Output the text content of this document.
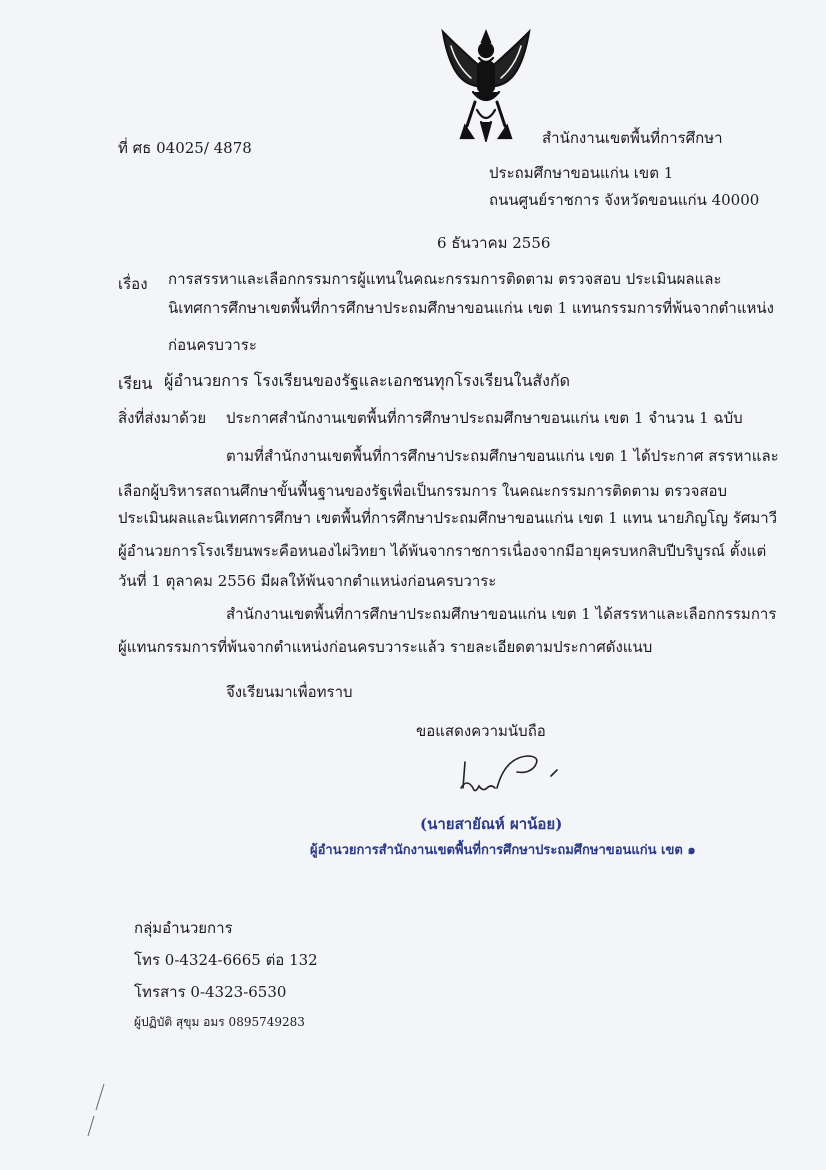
ที่ ศธ 04025/ 4878
สำนักงานเขตพื้นที่การศึกษา
ประถมศึกษาขอนแก่น เขต 1
ถนนศูนย์ราชการ จังหวัดขอนแก่น 40000
6 ธันวาคม 2556
เรื่อง การสรรหาและเลือกกรรมการผู้แทนในคณะกรรมการติดตาม ตรวจสอบ ประเมินผลและ
นิเทศการศึกษาเขตพื้นที่การศึกษาประถมศึกษาขอนแก่น เขต 1 แทนกรรมการที่พ้นจากตำแหน่ง
ก่อนครบวาระ
เรียน ผู้อำนวยการ โรงเรียนของรัฐและเอกชนทุกโรงเรียนในสังกัด
สิ่งที่ส่งมาด้วย ประกาศสำนักงานเขตพื้นที่การศึกษาประถมศึกษาขอนแก่น เขต 1 จำนวน 1 ฉบับ
ตามที่สำนักงานเขตพื้นที่การศึกษาประถมศึกษาขอนแก่น เขต 1 ได้ประกาศ สรรหาและ
เลือกผู้บริหารสถานศึกษาขั้นพื้นฐานของรัฐเพื่อเป็นกรรมการ ในคณะกรรมการติดตาม ตรวจสอบ
ประเมินผลและนิเทศการศึกษา เขตพื้นที่การศึกษาประถมศึกษาขอนแก่น เขต 1 แทน นายภิญโญ รัศมาวี
ผู้อำนวยการโรงเรียนพระคือหนองไผ่วิทยา ได้พ้นจากราชการเนื่องจากมีอายุครบหกสิบปีบริบูรณ์ ตั้งแต่
วันที่ 1 ตุลาคม 2556 มีผลให้พ้นจากตำแหน่งก่อนครบวาระ
สำนักงานเขตพื้นที่การศึกษาประถมศึกษาขอนแก่น เขต 1 ได้สรรหาและเลือกกรรมการ
ผู้แทนกรรมการที่พ้นจากตำแหน่งก่อนครบวาระแล้ว รายละเอียดตามประกาศดังแนบ
จึงเรียนมาเพื่อทราบ
ขอแสดงความนับถือ
(นายสายัณห์ ผาน้อย)
ผู้อำนวยการสำนักงานเขตพื้นที่การศึกษาประถมศึกษาขอนแก่น เขต ๑
กลุ่มอำนวยการ
โทร 0-4324-6665 ต่อ 132
โทรสาร 0-4323-6530
ผู้ปฏิบัติ สุขุม อมร 0895749283
